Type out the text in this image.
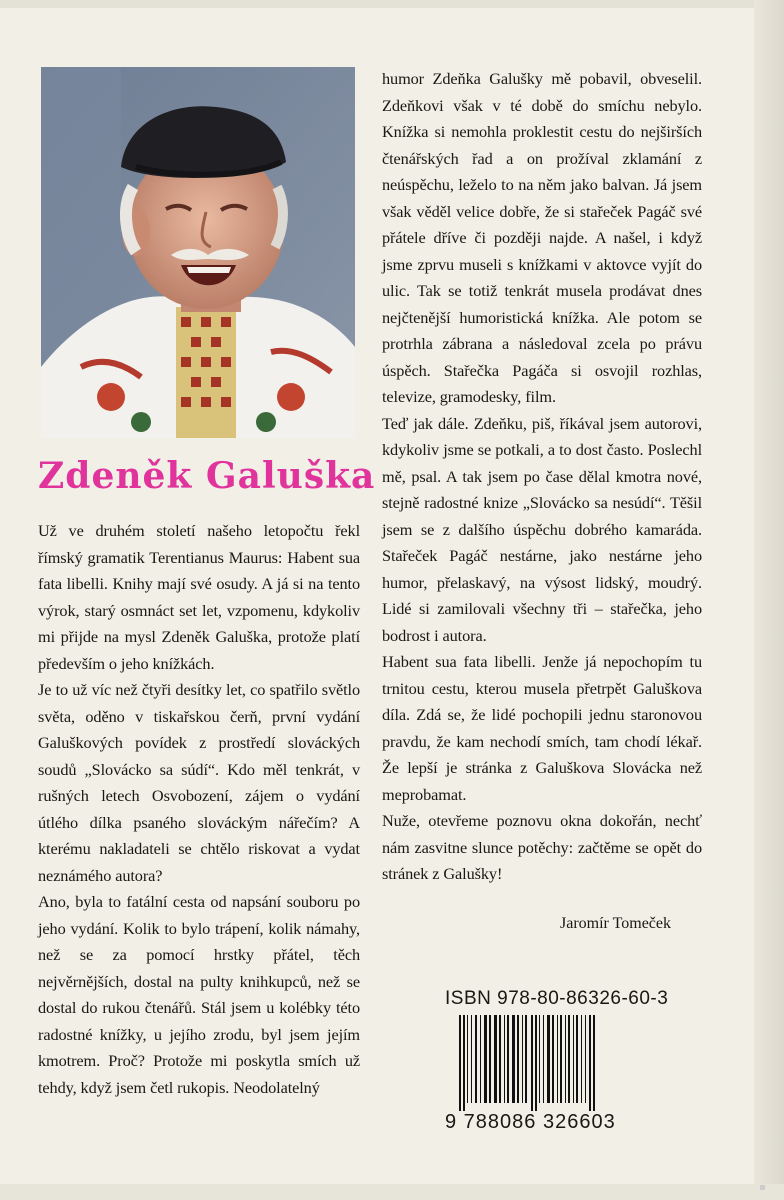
Zdeněk Galuška

Už ve druhém století našeho letopočtu řekl římský gramatik Terentianus Maurus: Habent sua fata libelli. Knihy mají své osudy. A já si na tento výrok, starý osmnáct set let, vzpomenu, kdykoliv mi přijde na mysl Zdeněk Galuška, protože platí především o jeho knížkách.

Je to už víc než čtyři desítky let, co spatřilo světlo světa, oděno v tiskařskou čerň, první vydání Galuškových povídek z prostředí slováckých soudů „Slovácko sa súdí“. Kdo měl tenkrát, v rušných letech Osvobození, zájem o vydání útlého dílka psaného slováckým nářečím? A kterému nakladateli se chtělo riskovat a vydat neznámého autora?

Ano, byla to fatální cesta od napsání souboru po jeho vydání. Kolik to bylo trápení, kolik námahy, než se za pomocí hrstky přátel, těch nejvěrnějších, dostal na pulty knihkupců, než se dostal do rukou čtenářů. Stál jsem u kolébky této radostné knížky, u jejího zrodu, byl jsem jejím kmotrem. Proč? Protože mi poskytla smích už tehdy, když jsem četl rukopis. Neodolatelný

humor Zdeňka Galušky mě pobavil, obveselil. Zdeňkovi však v té době do smíchu nebylo. Knížka si nemohla proklestit cestu do nejširších čtenářských řad a on prožíval zklamání z neúspěchu, leželo to na něm jako balvan. Já jsem však věděl velice dobře, že si stařeček Pagáč své přátele dříve či později najde. A našel, i když jsme zprvu museli s knížkami v aktovce vyjít do ulic. Tak se totiž tenkrát musela prodávat dnes nejčtenější humoristická knížka. Ale potom se protrhla zábrana a následoval zcela po právu úspěch. Stařečka Pagáča si osvojil rozhlas, televize, gramodesky, film.

Teď jak dále. Zdeňku, piš, říkával jsem autorovi, kdykoliv jsme se potkali, a to dost často. Poslechl mě, psal. A tak jsem po čase dělal kmotra nové, stejně radostné knize „Slovácko sa nesúdí“. Těšil jsem se z dalšího úspěchu dobrého kamaráda. Stařeček Pagáč nestárne, jako nestárne jeho humor, přelaskavý, na výsost lidský, moudrý. Lidé si zamilovali všechny tři – stařečka, jeho bodrost i autora.

Habent sua fata libelli. Jenže já nepochopím tu trnitou cestu, kterou musela přetrpět Galuškova díla. Zdá se, že lidé pochopili jednu staronovou pravdu, že kam nechodí smích, tam chodí lékař. Že lepší je stránka z Galuškova Slovácka než meprobamat.

Nuže, otevřeme poznovu okna dokořán, nechť nám zasvitne slunce potěchy: začtěme se opět do stránek z Galušky!

Jaromír Tomeček

ISBN 978-80-86326-60-3

9 788086 326603
